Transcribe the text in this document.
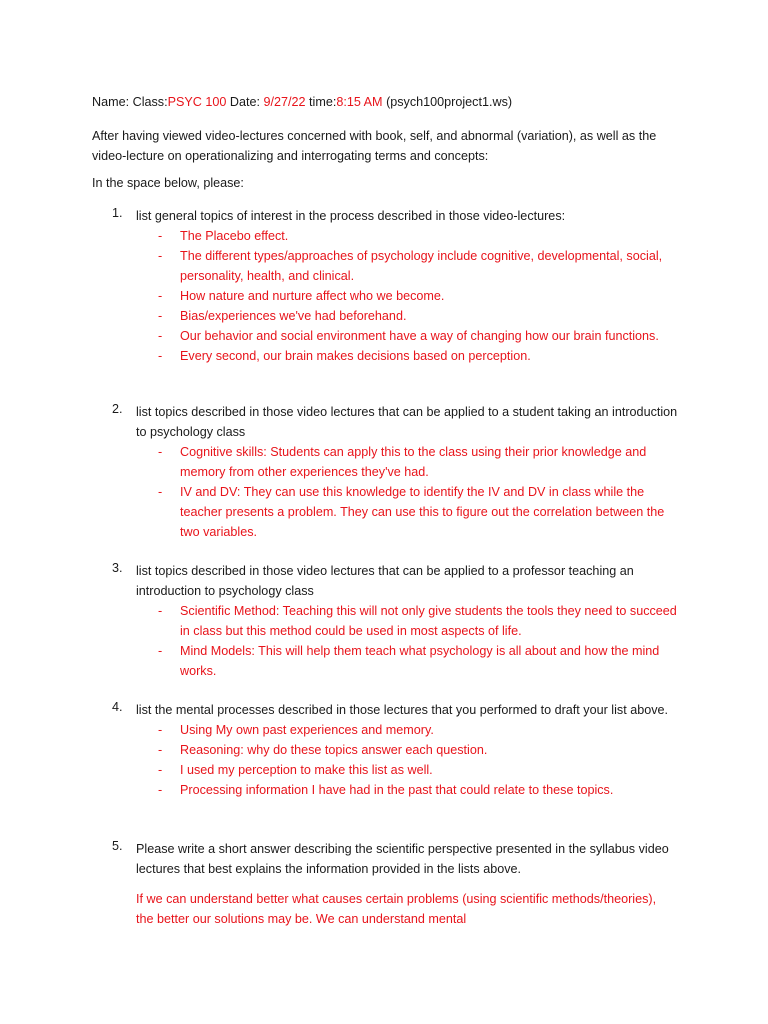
Name: Class:PSYC 100 Date: 9/27/22 time:8:15 AM (psych100project1.ws)
After having viewed video-lectures concerned with book, self, and abnormal (variation), as well as the video-lecture on operationalizing and interrogating terms and concepts:
In the space below, please:
1.	list general topics of interest in the process described in those video-lectures:
- The Placebo effect.
- The different types/approaches of psychology include cognitive, developmental, social, personality, health, and clinical.
- How nature and nurture affect who we become.
- Bias/experiences we've had beforehand.
- Our behavior and social environment have a way of changing how our brain functions.
- Every second, our brain makes decisions based on perception.
2.	list topics described in those video lectures that can be applied to a student taking an introduction to psychology class
- Cognitive skills: Students can apply this to the class using their prior knowledge and memory from other experiences they've had.
- IV and DV: They can use this knowledge to identify the IV and DV in class while the teacher presents a problem. They can use this to figure out the correlation between the two variables.
3.	list topics described in those video lectures that can be applied to a professor teaching an introduction to psychology class
- Scientific Method: Teaching this will not only give students the tools they need to succeed in class but this method could be used in most aspects of life.
- Mind Models: This will help them teach what psychology is all about and how the mind works.
4.	list the mental processes described in those lectures that you performed to draft your list above.
- Using My own past experiences and memory.
- Reasoning: why do these topics answer each question.
- I used my perception to make this list as well.
- Processing information I have had in the past that could relate to these topics.
5.	Please write a short answer describing the scientific perspective presented in the syllabus video lectures that best explains the information provided in the lists above.
If we can understand better what causes certain problems (using scientific methods/theories), the better our solutions may be. We can understand mental
